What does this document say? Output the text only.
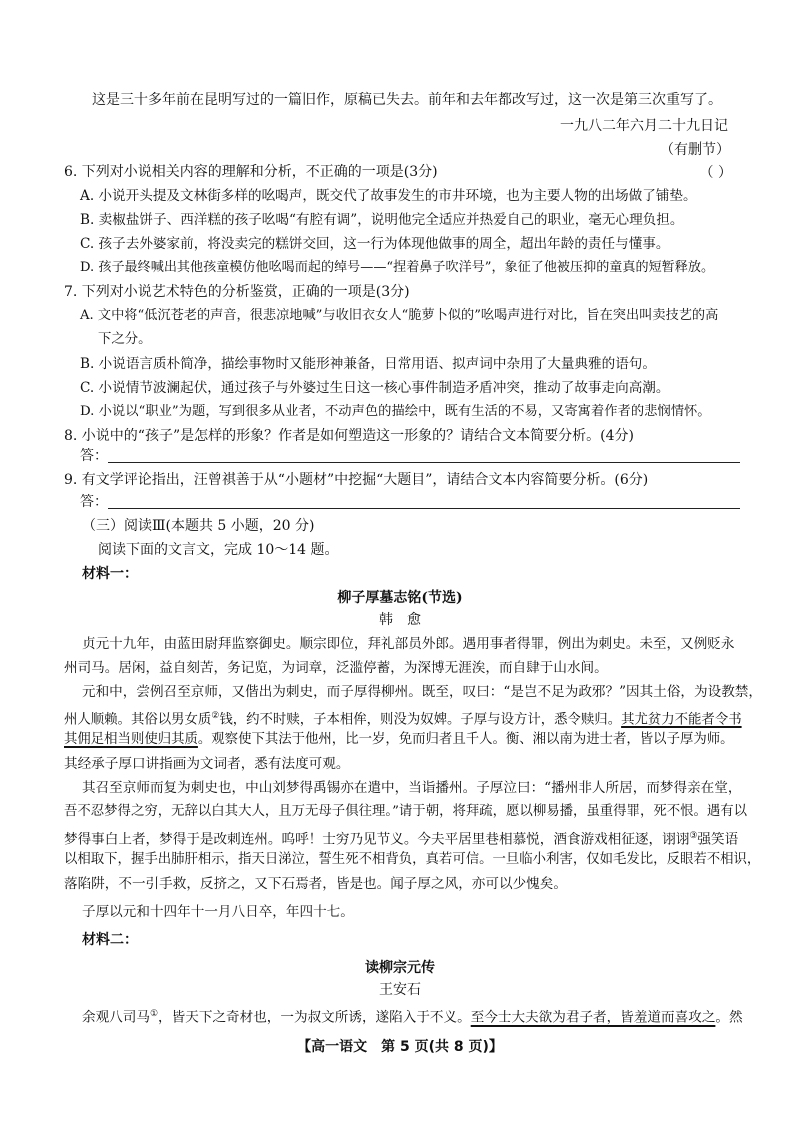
这是三十多年前在昆明写过的一篇旧作，原稿已失去。前年和去年都改写过，这一次是第三次重写了。
一九八二年六月二十九日记
（有删节）
6. 下列对小说相关内容的理解和分析，不正确的一项是(3分)	（ ）
A. 小说开头提及文林街多样的吆喝声，既交代了故事发生的市井环境，也为主要人物的出场做了铺垫。
B. 卖椒盐饼子、西洋糕的孩子吆喝“有腔有调”，说明他完全适应并热爱自己的职业，毫无心理负担。
C. 孩子去外婆家前，将没卖完的糕饼交回，这一行为体现他做事的周全，超出年龄的责任与懂事。
D. 孩子最终喊出其他孩童模仿他吆喝而起的绰号——“捏着鼻子吹洋号”，象征了他被压抑的童真的短暂释放。
7. 下列对小说艺术特色的分析鉴赏，正确的一项是(3分)
A. 文中将“低沉苍老的声音，很悲凉地喊”与收旧衣女人“脆萝卜似的”吆喝声进行对比，旨在突出叫卖技艺的高
下之分。
B. 小说语言质朴简净，描绘事物时又能形神兼备，日常用语、拟声词中杂用了大量典雅的语句。
C. 小说情节波澜起伏，通过孩子与外婆过生日这一核心事件制造矛盾冲突，推动了故事走向高潮。
D. 小说以“职业”为题，写到很多从业者，不动声色的描绘中，既有生活的不易，又寄寓着作者的悲悯情怀。
8. 小说中的“孩子”是怎样的形象？作者是如何塑造这一形象的？请结合文本简要分析。(4分)
答：
9. 有文学评论指出，汪曾祺善于从“小题材”中挖掘“大题目”，请结合文本内容简要分析。(6分)
答：
（三）阅读Ⅲ(本题共 5 小题，20 分)
阅读下面的文言文，完成 10～14 题。
材料一：
柳子厚墓志铭(节选)
韩　愈
贞元十九年，由蓝田尉拜监察御史。顺宗即位，拜礼部员外郎。遇用事者得罪，例出为刺史。未至，又例贬永
州司马。居闲，益自刻苦，务记览，为词章，泛滥停蓄，为深博无涯涘，而自肆于山水间。
元和中，尝例召至京师，又偕出为刺史，而子厚得柳州。既至，叹曰：“是岂不足为政邪？”因其土俗，为设教禁，
州人顺赖。其俗以男女质②钱，约不时赎，子本相侔，则没为奴婢。子厚与设方计，悉令赎归。其尤贫力不能者令书
其佣足相当则使归其质。观察使下其法于他州，比一岁，免而归者且千人。衡、湘以南为进士者，皆以子厚为师。
其经承子厚口讲指画为文词者，悉有法度可观。
其召至京师而复为刺史也，中山刘梦得禹锡亦在遣中，当诣播州。子厚泣曰：“播州非人所居，而梦得亲在堂，
吾不忍梦得之穷，无辞以白其大人，且万无母子俱往理。”请于朝，将拜疏，愿以柳易播，虽重得罪，死不恨。遇有以
梦得事白上者，梦得于是改刺连州。呜呼！士穷乃见节义。今夫平居里巷相慕悦，酒食游戏相征逐，诩诩③强笑语
以相取下，握手出肺肝相示，指天日涕泣，誓生死不相背负，真若可信。一旦临小利害，仅如毛发比，反眼若不相识，
落陷阱，不一引手救，反挤之，又下石焉者，皆是也。闻子厚之风，亦可以少愧矣。
子厚以元和十四年十一月八日卒，年四十七。
材料二：
读柳宗元传
王安石
余观八司马①，皆天下之奇材也，一为叔文所诱，遂陷入于不义。至今士大夫欲为君子者，皆羞道而喜攻之。然
【高一语文　第 5 页(共 8 页)】
